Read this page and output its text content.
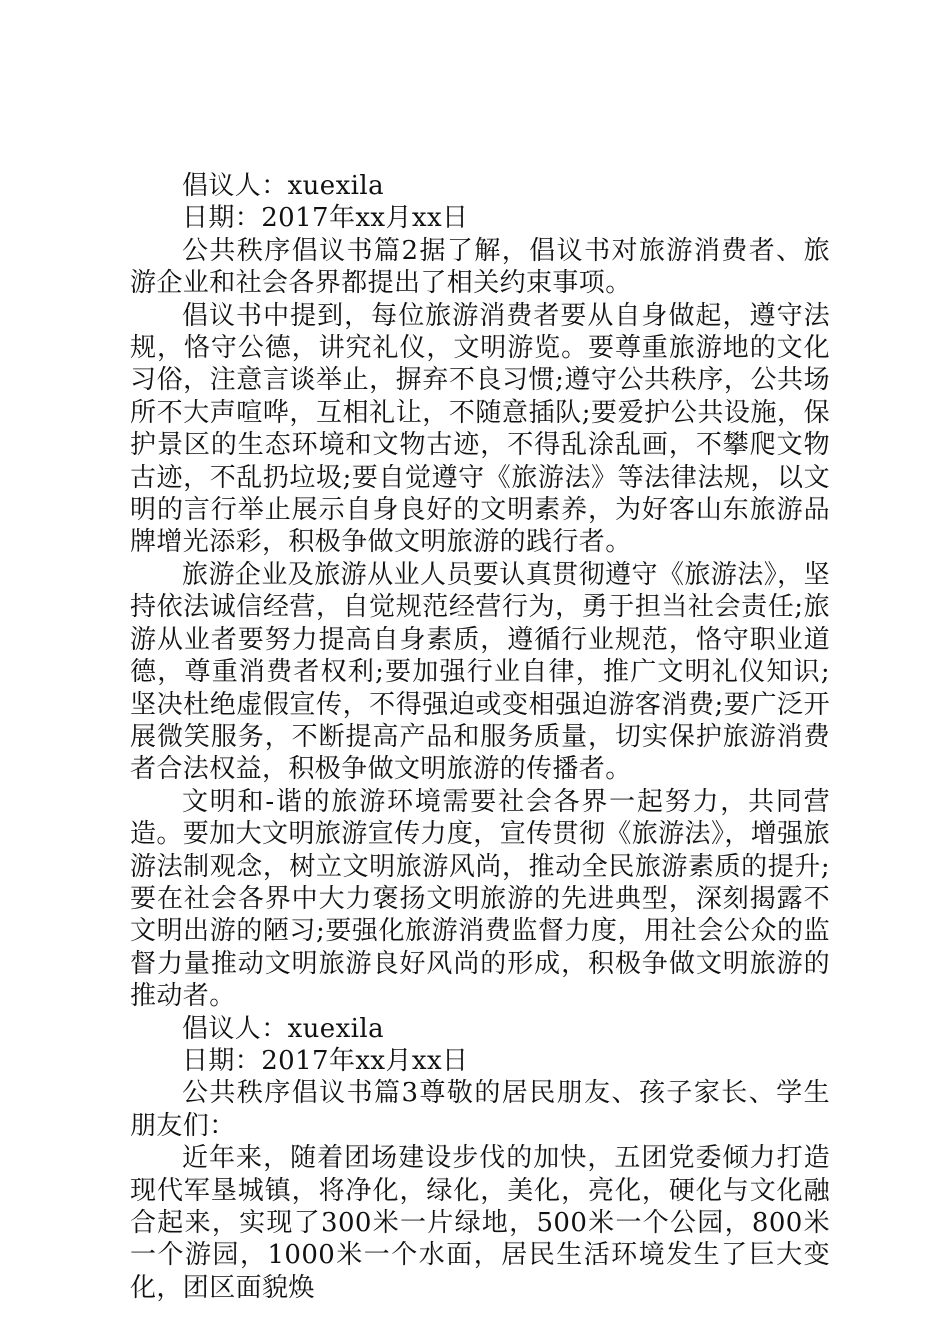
倡议人：xuexila

日期：2017年xx月xx日

公共秩序倡议书篇2据了解，倡议书对旅游消费者、旅游企业和社会各界都提出了相关约束事项。

倡议书中提到，每位旅游消费者要从自身做起，遵守法规，恪守公德，讲究礼仪，文明游览。要尊重旅游地的文化习俗，注意言谈举止，摒弃不良习惯;遵守公共秩序，公共场所不大声喧哗，互相礼让，不随意插队;要爱护公共设施，保护景区的生态环境和文物古迹，不得乱涂乱画，不攀爬文物古迹，不乱扔垃圾;要自觉遵守《旅游法》等法律法规，以文明的言行举止展示自身良好的文明素养，为好客山东旅游品牌增光添彩，积极争做文明旅游的践行者。

旅游企业及旅游从业人员要认真贯彻遵守《旅游法》，坚持依法诚信经营，自觉规范经营行为，勇于担当社会责任;旅游从业者要努力提高自身素质，遵循行业规范，恪守职业道德，尊重消费者权利;要加强行业自律，推广文明礼仪知识;坚决杜绝虚假宣传，不得强迫或变相强迫游客消费;要广泛开展微笑服务，不断提高产品和服务质量，切实保护旅游消费者合法权益，积极争做文明旅游的传播者。

文明和-谐的旅游环境需要社会各界一起努力，共同营造。要加大文明旅游宣传力度，宣传贯彻《旅游法》，增强旅游法制观念，树立文明旅游风尚，推动全民旅游素质的提升;要在社会各界中大力褒扬文明旅游的先进典型，深刻揭露不文明出游的陋习;要强化旅游消费监督力度，用社会公众的监督力量推动文明旅游良好风尚的形成，积极争做文明旅游的推动者。

倡议人：xuexila

日期：2017年xx月xx日

公共秩序倡议书篇3尊敬的居民朋友、孩子家长、学生朋友们：

近年来，随着团场建设步伐的加快，五团党委倾力打造现代军垦城镇，将净化，绿化，美化，亮化，硬化与文化融合起来，实现了300米一片绿地，500米一个公园，800米一个游园，1000米一个水面，居民生活环境发生了巨大变化，团区面貌焕
